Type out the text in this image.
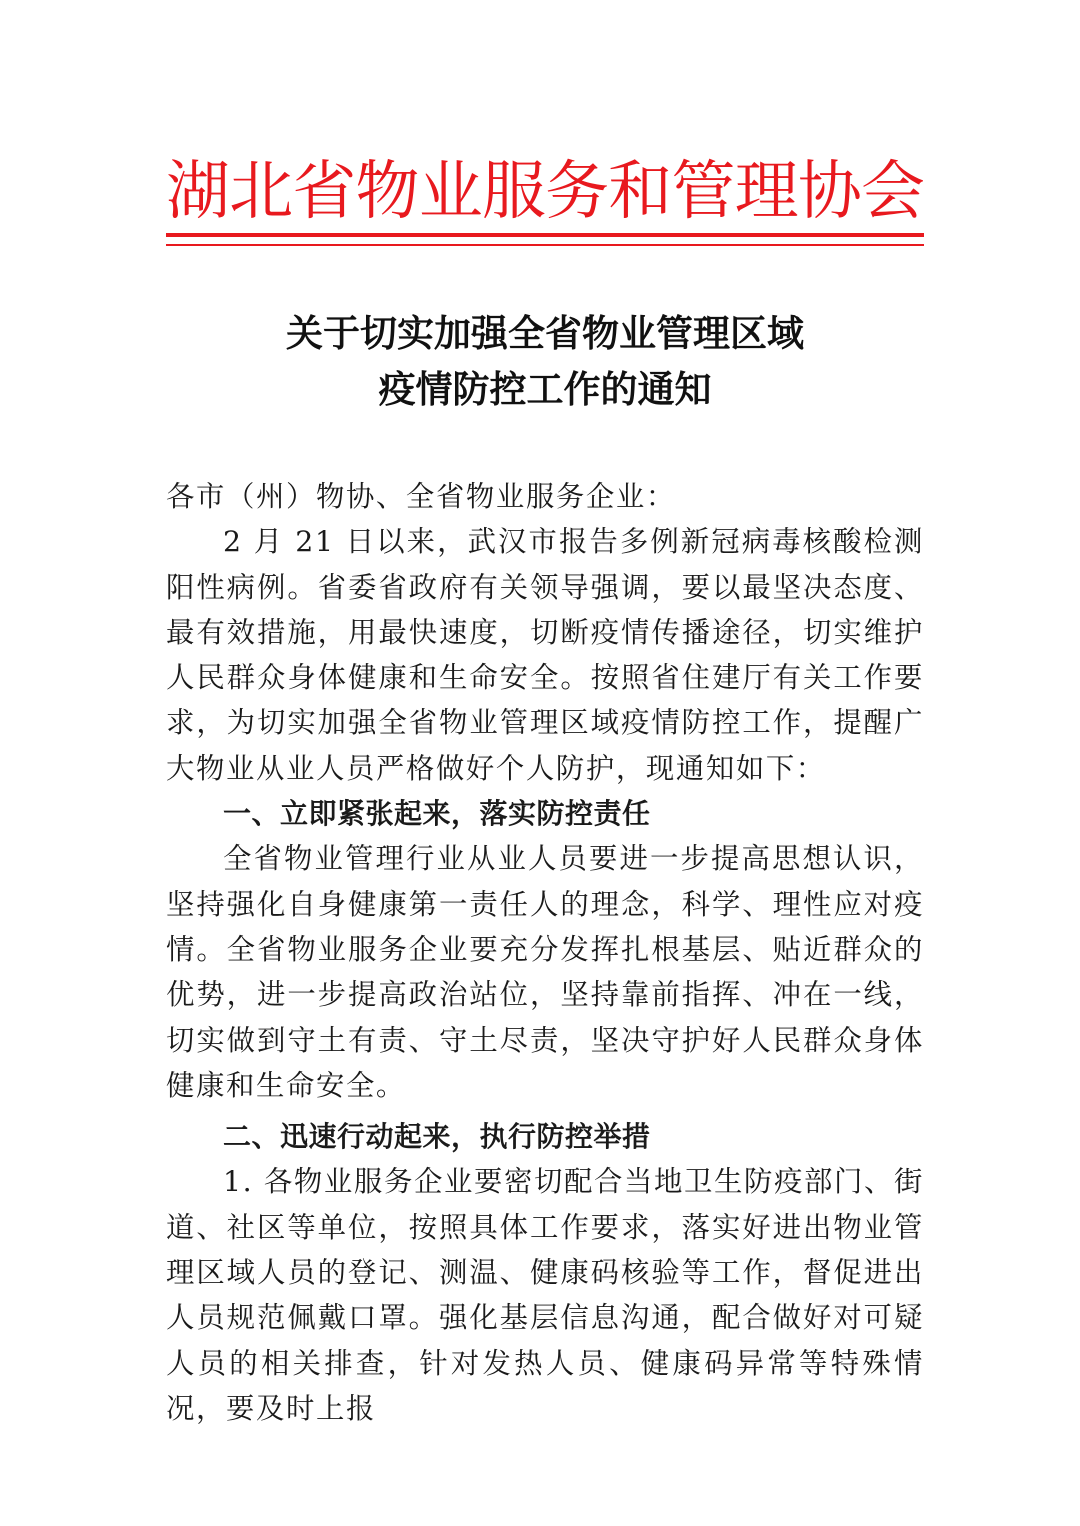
湖北省物业服务和管理协会
关于切实加强全省物业管理区域
疫情防控工作的通知

各市（州）物协、全省物业服务企业：

2 月 21 日以来，武汉市报告多例新冠病毒核酸检测阳性病例。省委省政府有关领导强调，要以最坚决态度、最有效措施，用最快速度，切断疫情传播途径，切实维护人民群众身体健康和生命安全。按照省住建厅有关工作要求，为切实加强全省物业管理区域疫情防控工作，提醒广大物业从业人员严格做好个人防护，现通知如下：

一、立即紧张起来，落实防控责任

全省物业管理行业从业人员要进一步提高思想认识，坚持强化自身健康第一责任人的理念，科学、理性应对疫情。全省物业服务企业要充分发挥扎根基层、贴近群众的优势，进一步提高政治站位，坚持靠前指挥、冲在一线，切实做到守土有责、守土尽责，坚决守护好人民群众身体健康和生命安全。

二、迅速行动起来，执行防控举措

1. 各物业服务企业要密切配合当地卫生防疫部门、街道、社区等单位，按照具体工作要求，落实好进出物业管理区域人员的登记、测温、健康码核验等工作，督促进出人员规范佩戴口罩。强化基层信息沟通，配合做好对可疑人员的相关排查，针对发热人员、健康码异常等特殊情况，要及时上报
